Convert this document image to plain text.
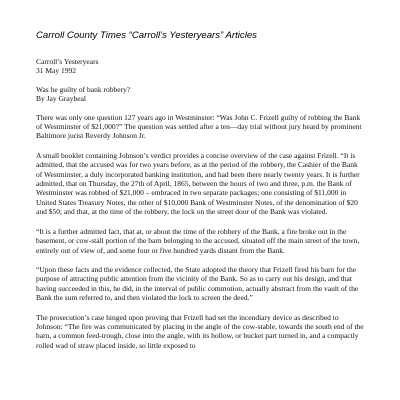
Carroll County Times “Carroll’s Yesteryears” Articles

Carroll’s Yesteryears

31 May 1992

Was he guilty of bank robbery?

By Jay Graybeal

There was only one question 127 years ago in Westminster: “Was John C. Frizell guilty of robbing the Bank of Westminster of $21,000?” The question was settled after a ten—day trial without jury heard by prominent Baltimore jurist Reverdy Johnson Jr.

A small booklet containing Johnson’s verdict provides a concise overview of the case against Frizell. “It is admitted, that the accused was for two years before, as at the period of the robbery, the Cashier of the Bank of Westminster, a duly incorporated banking institution, and had been there nearly twenty years. It is further admitted, that on Thursday, the 27th of April, 1865, between the hours of two and three, p.m. the Bank of Westminster was robbed of $21,000 – embraced in two separate packages; one consisting of $11,000 in United States Treasury Notes, the other of $10,000 Bank of Westminster Notes, of the denomination of $20 and $50; and that, at the time of the robbery, the lock on the street door of the Bank was violated.

“It is a further admitted fact, that at, or about the time of the robbery of the Bank, a fire broke out in the basement, or cow-stall portion of the barn belonging to the accused, situated off the main street of the town, entirely out of view of, and some four or five hundred yards distant from the Bank.

“Upon these facts and the evidence collected, the State adopted the theory that Frizell fired his barn for the purpose of attracting public attention from the vicinity of the Bank. So as to carry out his design, and that having succeeded in this, he did, in the interval of public commotion, actually abstract from the vault of the Bank the sum referred to, and then violated the lock to screen the deed.”

The prosecution’s case hinged upon proving that Frizell had set the incendiary device as described to Johnson: “The fire was communicated by placing in the angle of the cow-stable, towards the south end of the barn, a common feed-trough, close into the angle, with its hollow, or bucket part turned in, and a compactly rolled wad of straw placed inside, so little exposed to
